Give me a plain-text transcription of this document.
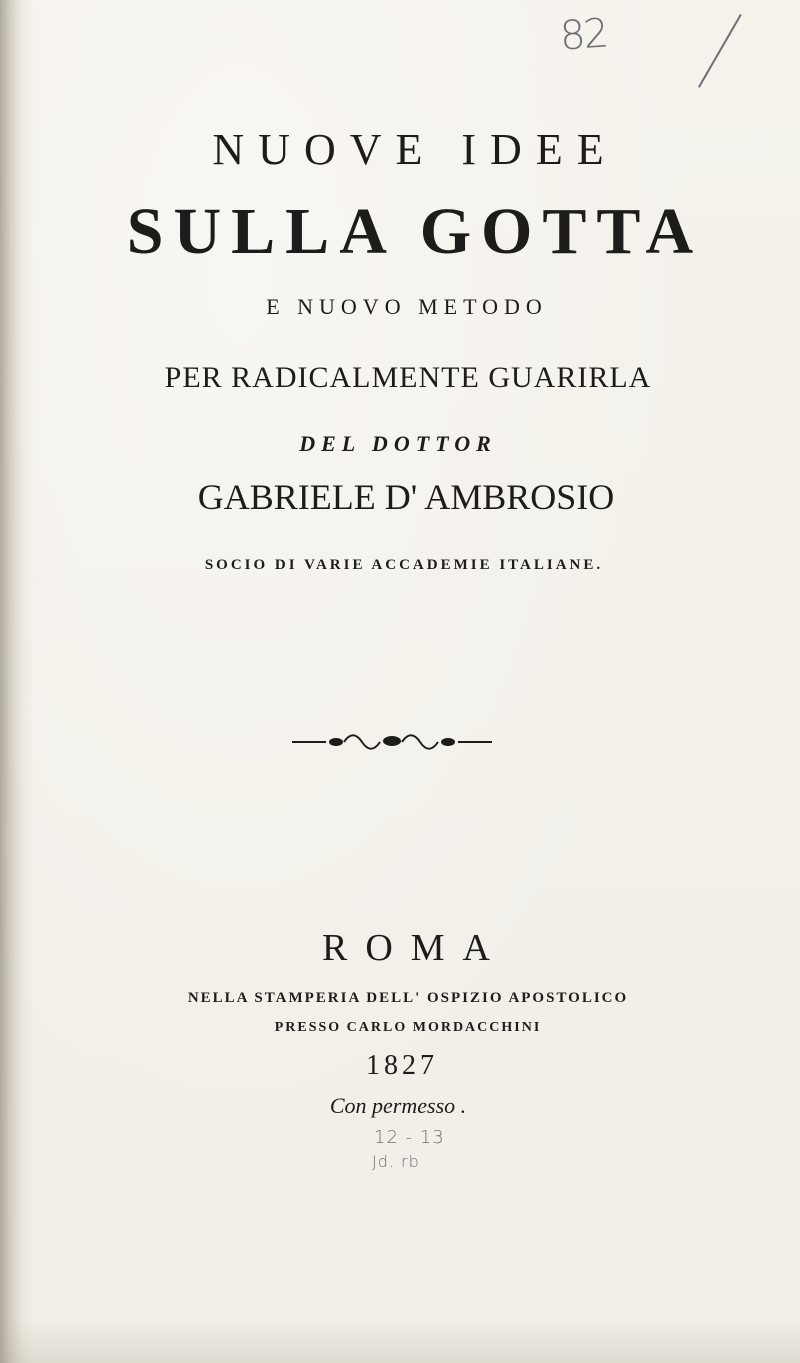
82
NUOVE IDEE
SULLA GOTTA
E NUOVO METODO
PER RADICALMENTE GUARIRLA
DEL DOTTOR
GABRIELE D' AMBROSIO
SOCIO DI VARIE ACCADEMIE ITALIANE.
ROMA
NELLA STAMPERIA DELL' OSPIZIO APOSTOLICO
PRESSO CARLO MORDACCHINI
1827
Con permesso .
12 - 13
Jd. rb
